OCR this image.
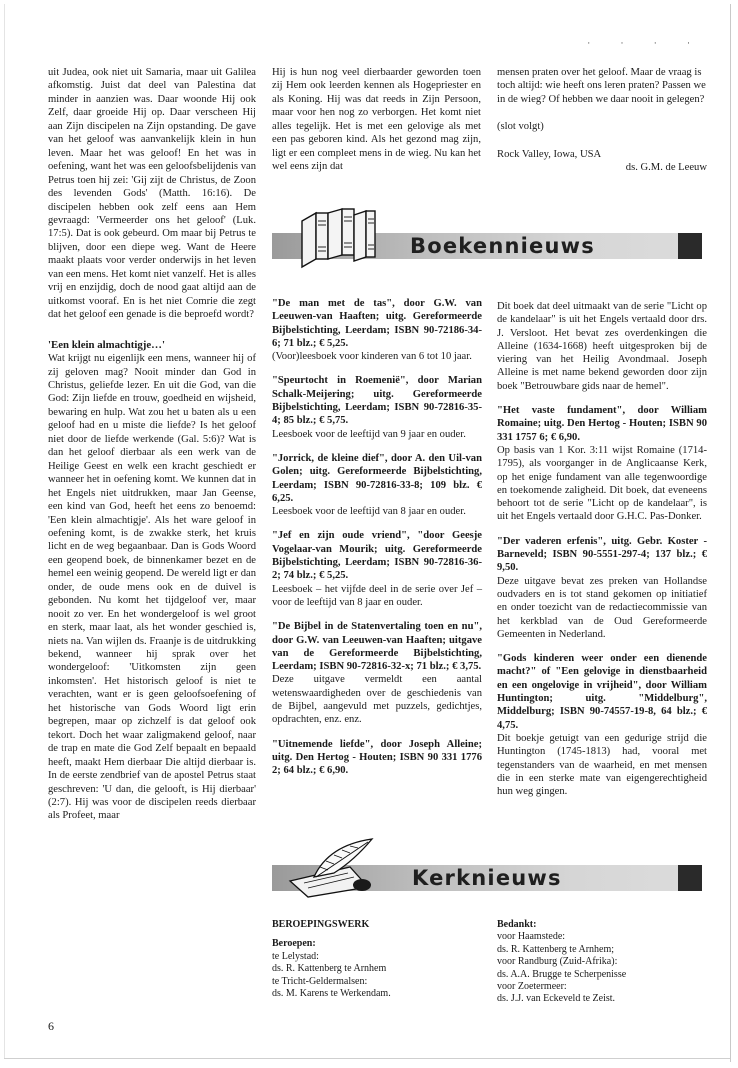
· · · ·

uit Judea, ook niet uit Samaria, maar uit Galilea afkomstig. Juist dat deel van Palestina dat minder in aanzien was. Daar woonde Hij ook Zelf, daar groeide Hij op. Daar verscheen Hij aan Zijn discipelen na Zijn opstanding. De gave van het geloof was aanvankelijk klein in hun leven. Maar het was geloof! En het was in oefening, want het was een geloofsbelijdenis van Petrus toen hij zei: 'Gij zijt de Christus, de Zoon des levenden Gods' (Matth. 16:16). De discipelen hebben ook zelf eens aan Hem gevraagd: 'Vermeerder ons het geloof' (Luk. 17:5). Dat is ook gebeurd. Om maar bij Petrus te blijven, door een diepe weg. Want de Heere maakt plaats voor verder onderwijs in het leven van een mens. Het komt niet vanzelf. Het is alles vrij en enzijdig, doch de nood gaat altijd aan de uitkomst vooraf. En is het niet Comrie die zegt dat het geloof een genade is die beproefd wordt?

'Een klein almachtigje…'

Wat krijgt nu eigenlijk een mens, wanneer hij of zij geloven mag? Nooit minder dan God in Christus, geliefde lezer. En uit die God, van die God: Zijn liefde en trouw, goedheid en wijsheid, bewaring en hulp. Wat zou het u baten als u een geloof had en u miste die liefde? Is het geloof niet door de liefde werkende (Gal. 5:6)? Wat is dan het geloof dierbaar als een werk van de Heilige Geest en welk een kracht geschiedt er wanneer het in oefening komt. We kunnen dat in het Engels niet uitdrukken, maar Jan Geense, een kind van God, heeft het eens zo benoemd: 'Een klein almachtigje'. Als het ware geloof in oefening komt, is de zwakke sterk, het kruis licht en de weg begaanbaar. Dan is Gods Woord een geopend boek, de binnenkamer bezet en de hemel een weinig geopend. De wereld ligt er dan onder, de oude mens ook en de duivel is gebonden. Nu komt het tijdgeloof ver, maar nooit zo ver. En het wondergeloof is wel groot en sterk, maar laat, als het wonder geschied is, niets na. Van wijlen ds. Fraanje is de uitdrukking bekend, wanneer hij sprak over het wondergeloof: 'Uitkomsten zijn geen inkomsten'. Het historisch geloof is niet te verachten, want er is geen geloofsoefening of het historische van Gods Woord ligt erin begrepen, maar op zichzelf is dat geloof ook tekort. Doch het waar zaligmakend geloof, naar de trap en mate die God Zelf bepaalt en bepaald heeft, maakt Hem dierbaar Die altijd dierbaar is. In de eerste zendbrief van de apostel Petrus staat geschreven: 'U dan, die gelooft, is Hij dierbaar' (2:7). Hij was voor de discipelen reeds dierbaar als Profeet, maar

Hij is hun nog veel dierbaarder geworden toen zij Hem ook leerden kennen als Hogepriester en als Koning. Hij was dat reeds in Zijn Persoon, maar voor hen nog zo verborgen. Het komt niet alles tegelijk. Het is met een gelovige als met een pas geboren kind. Als het gezond mag zijn, ligt er een compleet mens in de wieg. Nu kan het wel eens zijn dat

mensen praten over het geloof. Maar de vraag is toch altijd: wie heeft ons leren praten? Passen we in de wieg? Of hebben we daar nooit in gelegen?

(slot volgt)

Rock Valley, Iowa, USA

ds. G.M. de Leeuw

Boekennieuws
"De man met de tas", door G.W. van Leeuwen-van Haaften; uitg. Gereformeerde Bijbelstichting, Leerdam; ISBN 90-72186-34-6; 71 blz.; € 5,25.
(Voor)leesboek voor kinderen van 6 tot 10 jaar.
"Speurtocht in Roemenië", door Marian Schalk-Meijering; uitg. Gereformeerde Bijbelstichting, Leerdam; ISBN 90-72816-35-4; 85 blz.; € 5,75.
Leesboek voor de leeftijd van 9 jaar en ouder.
"Jorrick, de kleine dief", door A. den Uil-van Golen; uitg. Gereformeerde Bijbelstichting, Leerdam; ISBN 90-72816-33-8; 109 blz. € 6,25.
Leesboek voor de leeftijd van 8 jaar en ouder.
"Jef en zijn oude vriend", "door Geesje Vogelaar-van Mourik; uitg. Gereformeerde Bijbelstichting, Leerdam; ISBN 90-72816-36-2; 74 blz.; € 5,25.
Leesboek – het vijfde deel in de serie over Jef – voor de leeftijd van 8 jaar en ouder.
"De Bijbel in de Statenvertaling toen en nu", door G.W. van Leeuwen-van Haaften; uitgave van de Gereformeerde Bijbelstichting, Leerdam; ISBN 90-72816-32-x; 71 blz.; € 3,75.
Deze uitgave vermeldt een aantal wetenswaardigheden over de geschiedenis van de Bijbel, aangevuld met puzzels, gedichtjes, opdrachten, enz. enz.
"Uitnemende liefde", door Joseph Alleine; uitg. Den Hertog - Houten; ISBN 90 331 1776 2; 64 blz.; € 6,90.
Dit boek dat deel uitmaakt van de serie "Licht op de kandelaar" is uit het Engels vertaald door drs. J. Versloot. Het bevat zes overdenkingen die Alleine (1634-1668) heeft uitgesproken bij de viering van het Heilig Avondmaal. Joseph Alleine is met name bekend geworden door zijn boek "Betrouwbare gids naar de hemel".
"Het vaste fundament", door William Romaine; uitg. Den Hertog - Houten; ISBN 90 331 1757 6; € 6,90.
Op basis van 1 Kor. 3:11 wijst Romaine (1714-1795), als voorganger in de Anglicaanse Kerk, op het enige fundament van alle tegenwoordige en toekomende zaligheid. Dit boek, dat eveneens behoort tot de serie "Licht op de kandelaar", is uit het Engels vertaald door G.H.C. Pas-Donker.
"Der vaderen erfenis", uitg. Gebr. Koster - Barneveld; ISBN 90-5551-297-4; 137 blz.; € 9,50.
Deze uitgave bevat zes preken van Hollandse oudvaders en is tot stand gekomen op initiatief en onder toezicht van de redactiecommissie van het kerkblad van de Oud Gereformeerde Gemeenten in Nederland.
"Gods kinderen weer onder een dienende macht?" of "Een gelovige in dienstbaarheid en een ongelovige in vrijheid", door William Huntington; uitg. "Middelburg", Middelburg; ISBN 90-74557-19-8, 64 blz.; € 4,75.
Dit boekje getuigt van een gedurige strijd die Huntington (1745-1813) had, vooral met tegenstanders van de waarheid, en met mensen die in een sterke mate van eigengerechtigheid hun weg gingen.
Kerknieuws
BEROEPINGSWERK
Beroepen:
te Lelystad:
ds. R. Kattenberg te Arnhem
te Tricht-Geldermalsen:
ds. M. Karens te Werkendam.
Bedankt:
voor Haamstede:
ds. R. Kattenberg te Arnhem;
voor Randburg (Zuid-Afrika):
ds. A.A. Brugge te Scherpenisse
voor Zoetermeer:
ds. J.J. van Eckeveld te Zeist.
6
